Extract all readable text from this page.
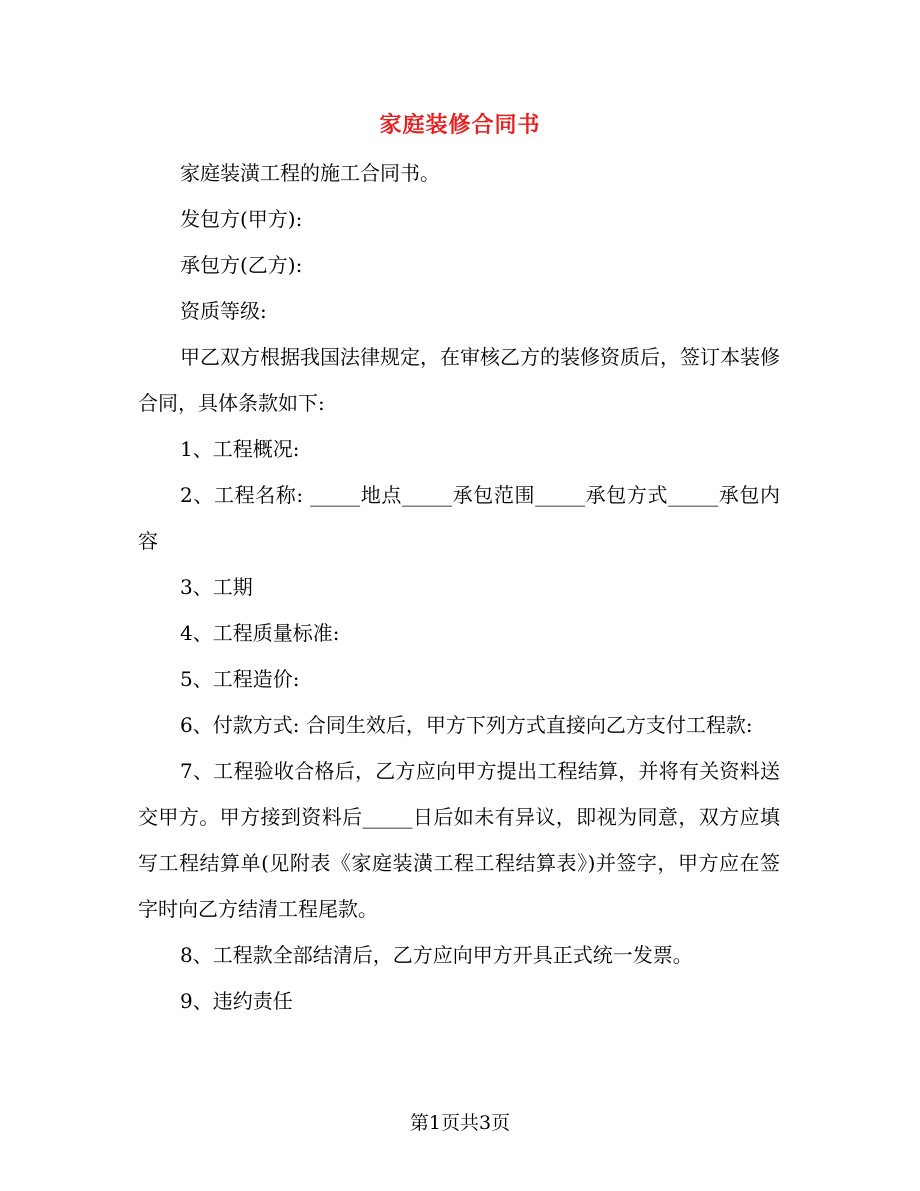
家庭装修合同书

家庭装潢工程的施工合同书。

发包方(甲方):

承包方(乙方):

资质等级:

甲乙双方根据我国法律规定，在审核乙方的装修资质后，签订本装修合同，具体条款如下:

1、工程概况:

2、工程名称: _____地点_____承包范围_____承包方式_____承包内容

3、工期

4、工程质量标准:

5、工程造价:

6、付款方式: 合同生效后，甲方下列方式直接向乙方支付工程款:

7、工程验收合格后，乙方应向甲方提出工程结算，并将有关资料送交甲方。甲方接到资料后_____日后如未有异议，即视为同意，双方应填写工程结算单(见附表《家庭装潢工程工程结算表》)并签字，甲方应在签字时向乙方结清工程尾款。

8、工程款全部结清后，乙方应向甲方开具正式统一发票。

9、违约责任

第1页共3页
